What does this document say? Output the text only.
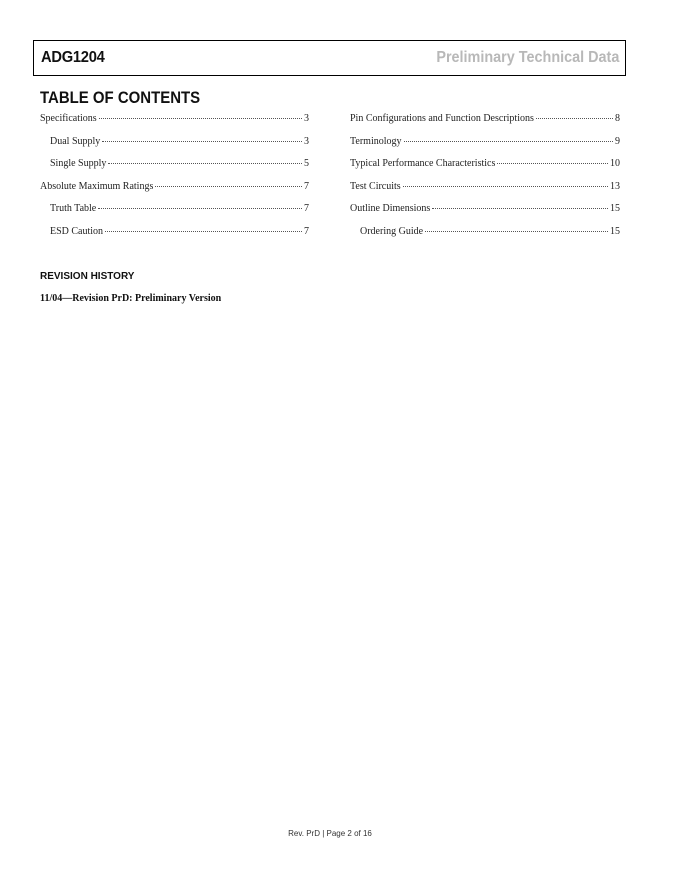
ADG1204	Preliminary Technical Data
TABLE OF CONTENTS
Specifications	3
Dual Supply	3
Single Supply	5
Absolute Maximum Ratings	7
Truth Table	7
ESD Caution	7
Pin Configurations and Function Descriptions	8
Terminology	9
Typical Performance Characteristics	10
Test Circuits	13
Outline Dimensions	15
Ordering Guide	15
REVISION HISTORY
11/04—Revision PrD: Preliminary Version
Rev. PrD | Page 2 of 16
